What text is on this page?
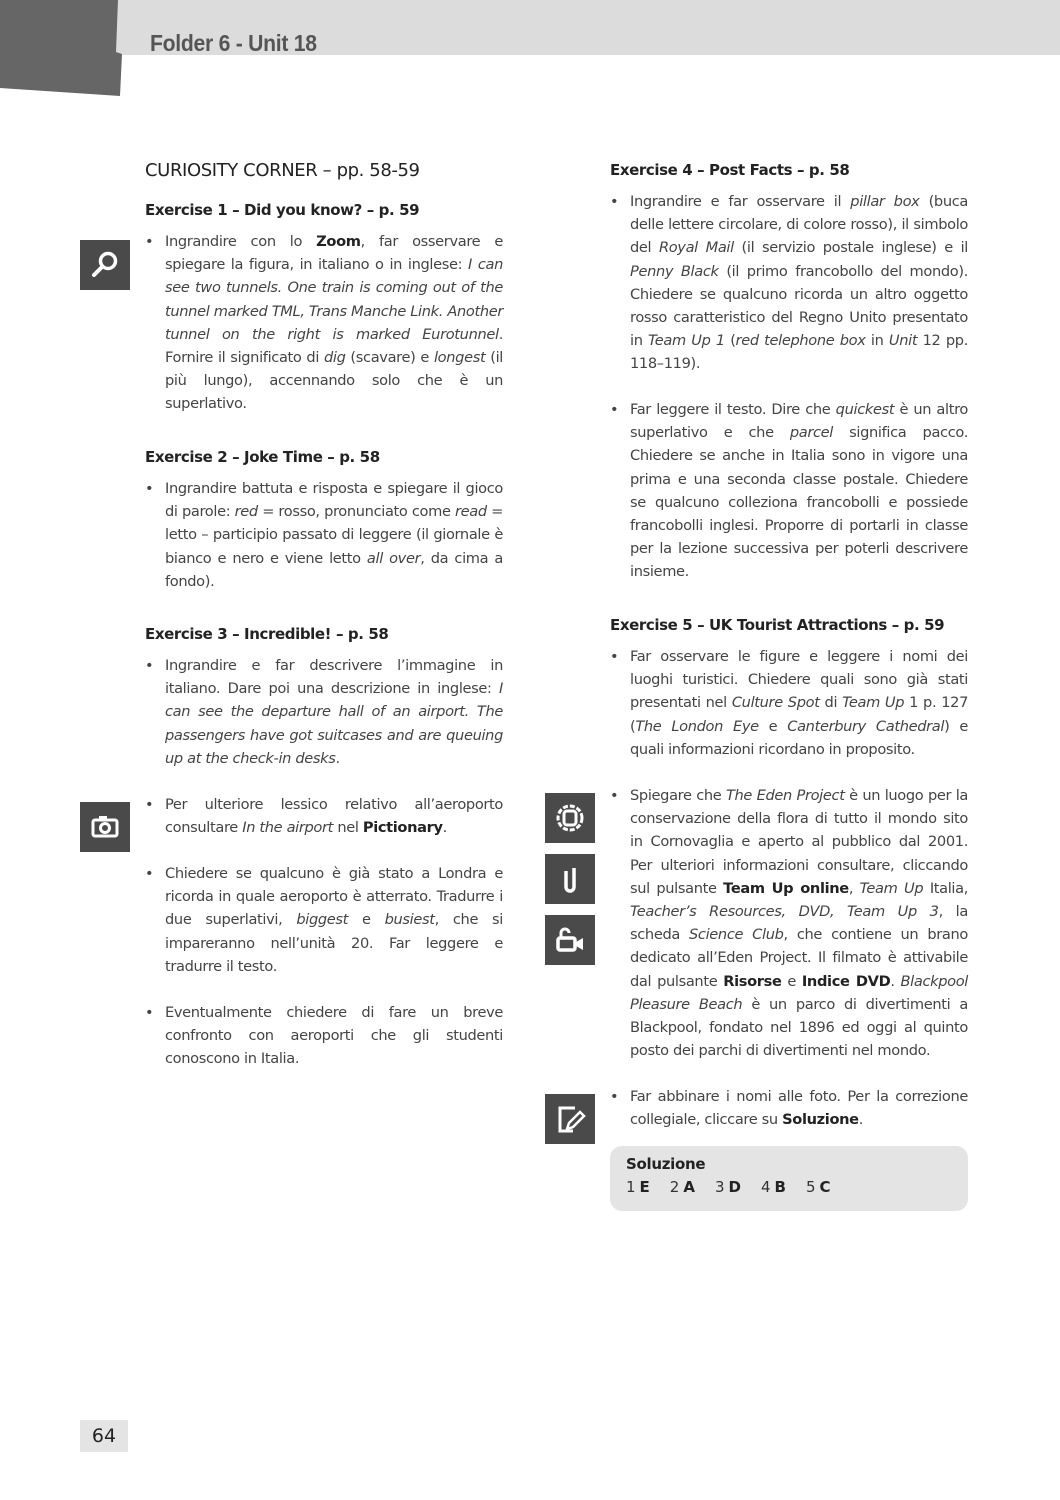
Folder 6 - Unit 18
CURIOSITY CORNER – pp. 58-59
Exercise 1 – Did you know? – p. 59
• Ingrandire con lo Zoom, far osservare e spiegare la figura, in italiano o in inglese: I can see two tunnels. One train is coming out of the tunnel marked TML, Trans Manche Link. Another tunnel on the right is marked Eurotunnel. Fornire il significato di dig (scavare) e longest (il più lungo), accennando solo che è un superlativo.
Exercise 2 – Joke Time – p. 58
• Ingrandire battuta e risposta e spiegare il gioco di parole: red = rosso, pronunciato come read = letto – participio passato di leggere (il giornale è bianco e nero e viene letto all over, da cima a fondo).
Exercise 3 – Incredible! – p. 58
• Ingrandire e far descrivere l’immagine in italiano. Dare poi una descrizione in inglese: I can see the departure hall of an airport. The passengers have got suitcases and are queuing up at the check-in desks.
• Per ulteriore lessico relativo all’aeroporto consultare In the airport nel Pictionary.
• Chiedere se qualcuno è già stato a Londra e ricorda in quale aeroporto è atterrato. Tradurre i due superlativi, biggest e busiest, che si impareranno nell’unità 20. Far leggere e tradurre il testo.
• Eventualmente chiedere di fare un breve confronto con aeroporti che gli studenti conoscono in Italia.
Exercise 4 – Post Facts – p. 58
• Ingrandire e far osservare il pillar box (buca delle lettere circolare, di colore rosso), il simbolo del Royal Mail (il servizio postale inglese) e il Penny Black (il primo francobollo del mondo). Chiedere se qualcuno ricorda un altro oggetto rosso caratteristico del Regno Unito presentato in Team Up 1 (red telephone box in Unit 12 pp. 118–119).
• Far leggere il testo. Dire che quickest è un altro superlativo e che parcel significa pacco. Chiedere se anche in Italia sono in vigore una prima e una seconda classe postale. Chiedere se qualcuno colleziona francobolli e possiede francobolli inglesi. Proporre di portarli in classe per la lezione successiva per poterli descrivere insieme.
Exercise 5 – UK Tourist Attractions – p. 59
• Far osservare le figure e leggere i nomi dei luoghi turistici. Chiedere quali sono già stati presentati nel Culture Spot di Team Up 1 p. 127 (The London Eye e Canterbury Cathedral) e quali informazioni ricordano in proposito.
• Spiegare che The Eden Project è un luogo per la conservazione della flora di tutto il mondo sito in Cornovaglia e aperto al pubblico dal 2001. Per ulteriori informazioni consultare, cliccando sul pulsante Team Up online, Team Up Italia, Teacher’s Resources, DVD, Team Up 3, la scheda Science Club, che contiene un brano dedicato all’Eden Project. Il filmato è attivabile dal pulsante Risorse e Indice DVD. Blackpool Pleasure Beach è un parco di divertimenti a Blackpool, fondato nel 1896 ed oggi al quinto posto dei parchi di divertimenti nel mondo.
• Far abbinare i nomi alle foto. Per la correzione collegiale, cliccare su Soluzione.
Soluzione
1 E 2 A 3 D 4 B 5 C
64
